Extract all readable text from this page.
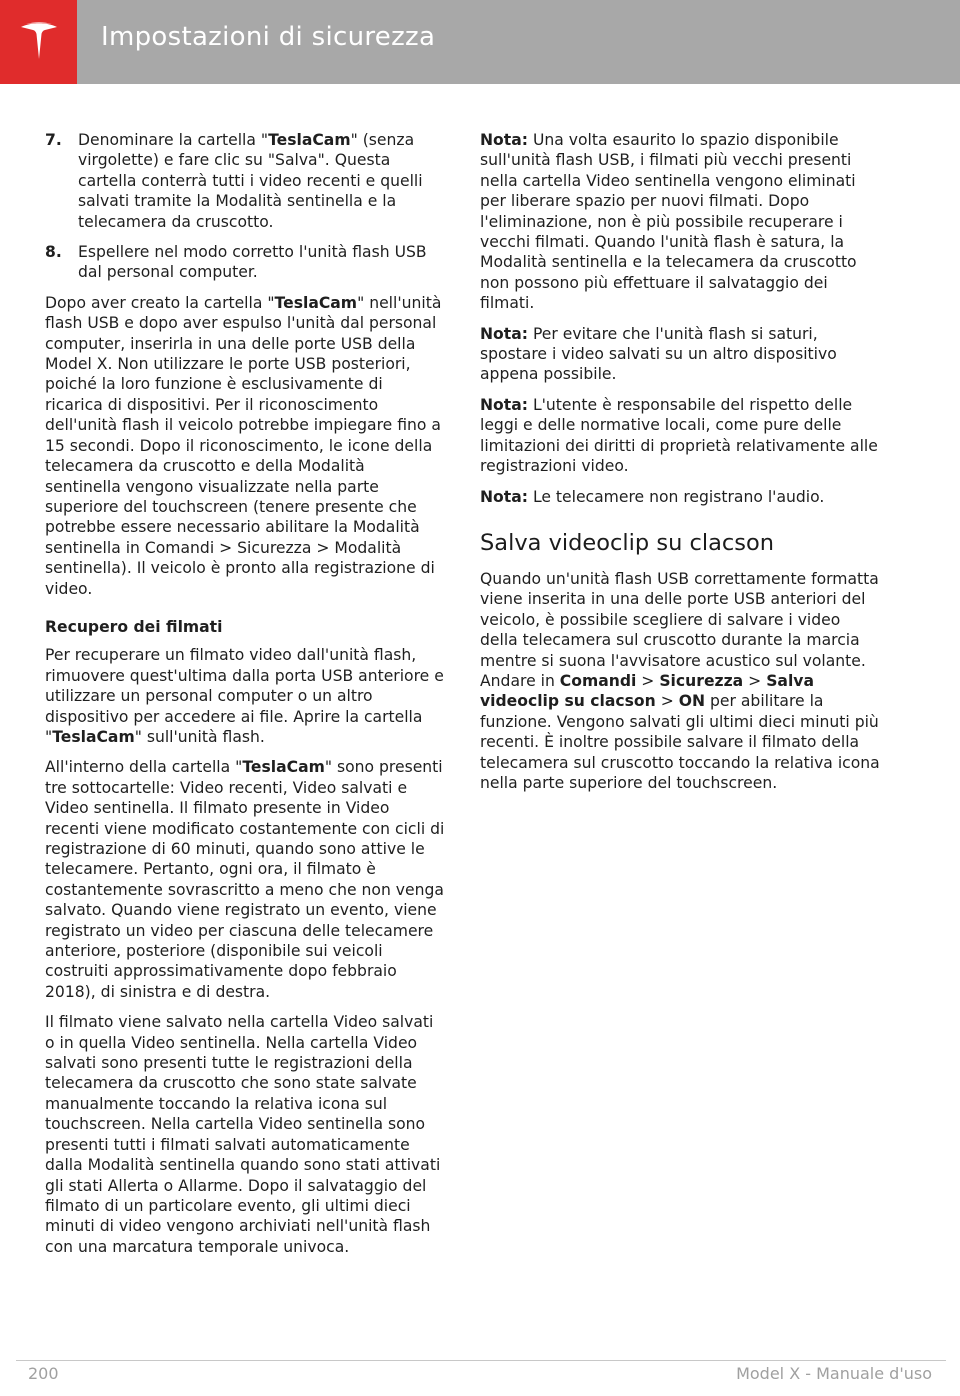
Impostazioni di sicurezza
7.	Denominare la cartella "TeslaCam" (senza virgolette) e fare clic su "Salva". Questa cartella conterrà tutti i video recenti e quelli salvati tramite la Modalità sentinella e la telecamera da cruscotto.
8.	Espellere nel modo corretto l'unità flash USB dal personal computer.

Dopo aver creato la cartella "TeslaCam" nell'unità flash USB e dopo aver espulso l'unità dal personal computer, inserirla in una delle porte USB della Model X. Non utilizzare le porte USB posteriori, poiché la loro funzione è esclusivamente di ricarica di dispositivi. Per il riconoscimento dell'unità flash il veicolo potrebbe impiegare fino a 15 secondi. Dopo il riconoscimento, le icone della telecamera da cruscotto e della Modalità sentinella vengono visualizzate nella parte superiore del touchscreen (tenere presente che potrebbe essere necessario abilitare la Modalità sentinella in Comandi > Sicurezza > Modalità sentinella). Il veicolo è pronto alla registrazione di video.

Recupero dei filmati

Per recuperare un filmato video dall'unità flash, rimuovere quest'ultima dalla porta USB anteriore e utilizzare un personal computer o un altro dispositivo per accedere ai file. Aprire la cartella "TeslaCam" sull'unità flash.

All'interno della cartella "TeslaCam" sono presenti tre sottocartelle: Video recenti, Video salvati e Video sentinella. Il filmato presente in Video recenti viene modificato costantemente con cicli di registrazione di 60 minuti, quando sono attive le telecamere. Pertanto, ogni ora, il filmato è costantemente sovrascritto a meno che non venga salvato. Quando viene registrato un evento, viene registrato un video per ciascuna delle telecamere anteriore, posteriore (disponibile sui veicoli costruiti approssimativamente dopo febbraio 2018), di sinistra e di destra.

Il filmato viene salvato nella cartella Video salvati o in quella Video sentinella. Nella cartella Video salvati sono presenti tutte le registrazioni della telecamera da cruscotto che sono state salvate manualmente toccando la relativa icona sul touchscreen. Nella cartella Video sentinella sono presenti tutti i filmati salvati automaticamente dalla Modalità sentinella quando sono stati attivati gli stati Allerta o Allarme. Dopo il salvataggio del filmato di un particolare evento, gli ultimi dieci minuti di video vengono archiviati nell'unità flash con una marcatura temporale univoca.

Nota: Una volta esaurito lo spazio disponibile sull'unità flash USB, i filmati più vecchi presenti nella cartella Video sentinella vengono eliminati per liberare spazio per nuovi filmati. Dopo l'eliminazione, non è più possibile recuperare i vecchi filmati. Quando l'unità flash è satura, la Modalità sentinella e la telecamera da cruscotto non possono più effettuare il salvataggio dei filmati.

Nota: Per evitare che l'unità flash si saturi, spostare i video salvati su un altro dispositivo appena possibile.

Nota: L'utente è responsabile del rispetto delle leggi e delle normative locali, come pure delle limitazioni dei diritti di proprietà relativamente alle registrazioni video.

Nota: Le telecamere non registrano l'audio.

Salva videoclip su clacson

Quando un'unità flash USB correttamente formatta viene inserita in una delle porte USB anteriori del veicolo, è possibile scegliere di salvare i video della telecamera sul cruscotto durante la marcia mentre si suona l'avvisatore acustico sul volante. Andare in Comandi > Sicurezza > Salva videoclip su clacson > ON per abilitare la funzione. Vengono salvati gli ultimi dieci minuti più recenti. È inoltre possibile salvare il filmato della telecamera sul cruscotto toccando la relativa icona nella parte superiore del touchscreen.

200	Model X - Manuale d'uso
